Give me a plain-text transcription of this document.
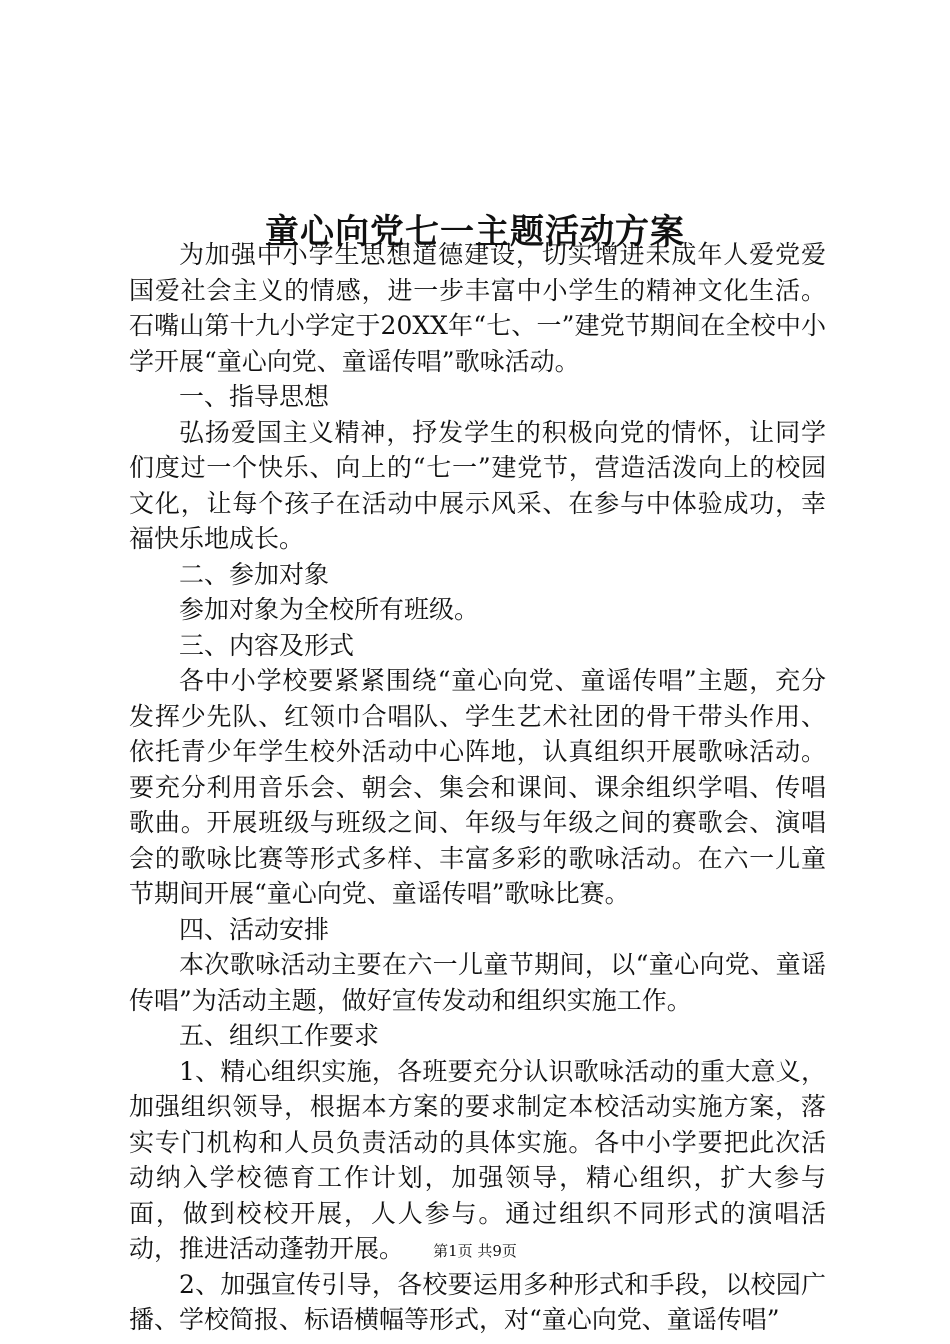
童心向党七一主题活动方案

为加强中小学生思想道德建设，切实增进未成年人爱党爱国爱社会主义的情感，进一步丰富中小学生的精神文化生活。石嘴山第十九小学定于20XX年“七、一”建党节期间在全校中小学开展“童心向党、童谣传唱”歌咏活动。

一、指导思想

弘扬爱国主义精神，抒发学生的积极向党的情怀，让同学们度过一个快乐、向上的“七一”建党节，营造活泼向上的校园文化，让每个孩子在活动中展示风采、在参与中体验成功，幸福快乐地成长。

二、参加对象

参加对象为全校所有班级。

三、内容及形式

各中小学校要紧紧围绕“童心向党、童谣传唱”主题，充分发挥少先队、红领巾合唱队、学生艺术社团的骨干带头作用、依托青少年学生校外活动中心阵地，认真组织开展歌咏活动。要充分利用音乐会、朝会、集会和课间、课余组织学唱、传唱歌曲。开展班级与班级之间、年级与年级之间的赛歌会、演唱会的歌咏比赛等形式多样、丰富多彩的歌咏活动。在六一儿童节期间开展“童心向党、童谣传唱”歌咏比赛。

四、活动安排

本次歌咏活动主要在六一儿童节期间，以“童心向党、童谣传唱”为活动主题，做好宣传发动和组织实施工作。

五、组织工作要求

1、精心组织实施，各班要充分认识歌咏活动的重大意义，加强组织领导，根据本方案的要求制定本校活动实施方案，落实专门机构和人员负责活动的具体实施。各中小学要把此次活动纳入学校德育工作计划，加强领导，精心组织，扩大参与面，做到校校开展，人人参与。通过组织不同形式的演唱活动，推进活动蓬勃开展。

2、加强宣传引导，各校要运用多种形式和手段，以校园广播、学校简报、标语横幅等形式，对“童心向党、童谣传唱”

第1页 共9页
